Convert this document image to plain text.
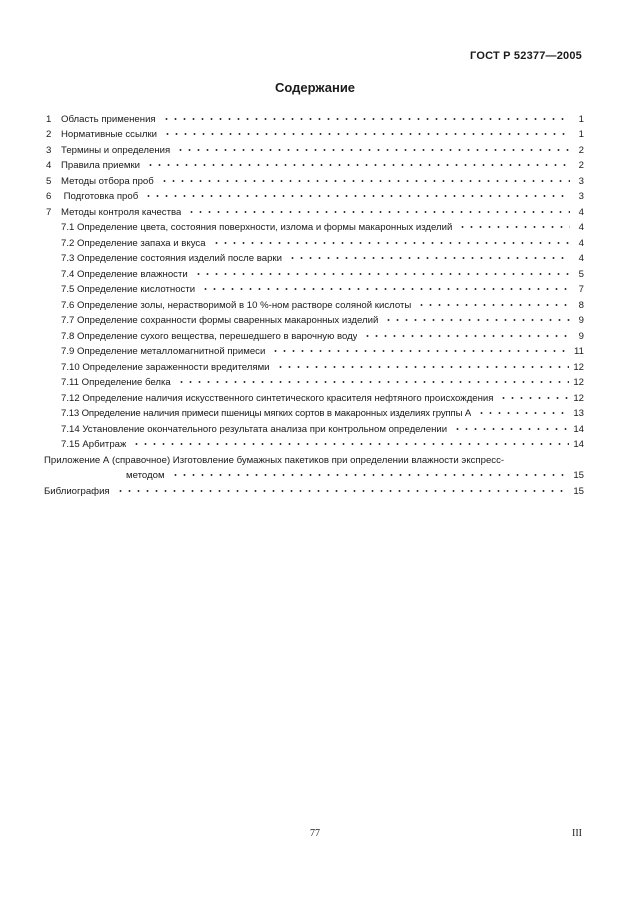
ГОСТ Р 52377—2005
Содержание
1	Область применения	1
2	Нормативные ссылки	1
3	Термины и определения	2
4	Правила приемки	2
5	Методы отбора проб	3
6	Подготовка проб	3
7	Методы контроля качества	4
7.1 Определение цвета, состояния поверхности, излома и формы макаронных изделий	4
7.2 Определение запаха и вкуса	4
7.3 Определение состояния изделий после варки	4
7.4 Определение влажности	5
7.5 Определение кислотности	7
7.6 Определение золы, нерастворимой в 10 %-ном растворе соляной кислоты	8
7.7 Определение сохранности формы сваренных макаронных изделий	9
7.8 Определение сухого вещества, перешедшего в варочную воду	9
7.9 Определение металломагнитной примеси	11
7.10 Определение зараженности вредителями	12
7.11 Определение белка	12
7.12 Определение наличия искусственного синтетического красителя нефтяного происхождения	12
7.13 Определение наличия примеси пшеницы мягких сортов в макаронных изделиях группы А	13
7.14 Установление окончательного результата анализа при контрольном определении	14
7.15 Арбитраж	14
Приложение А (справочное) Изготовление бумажных пакетиков при определении влажности экспресс-
методом	15
Библиография	15
77	III
